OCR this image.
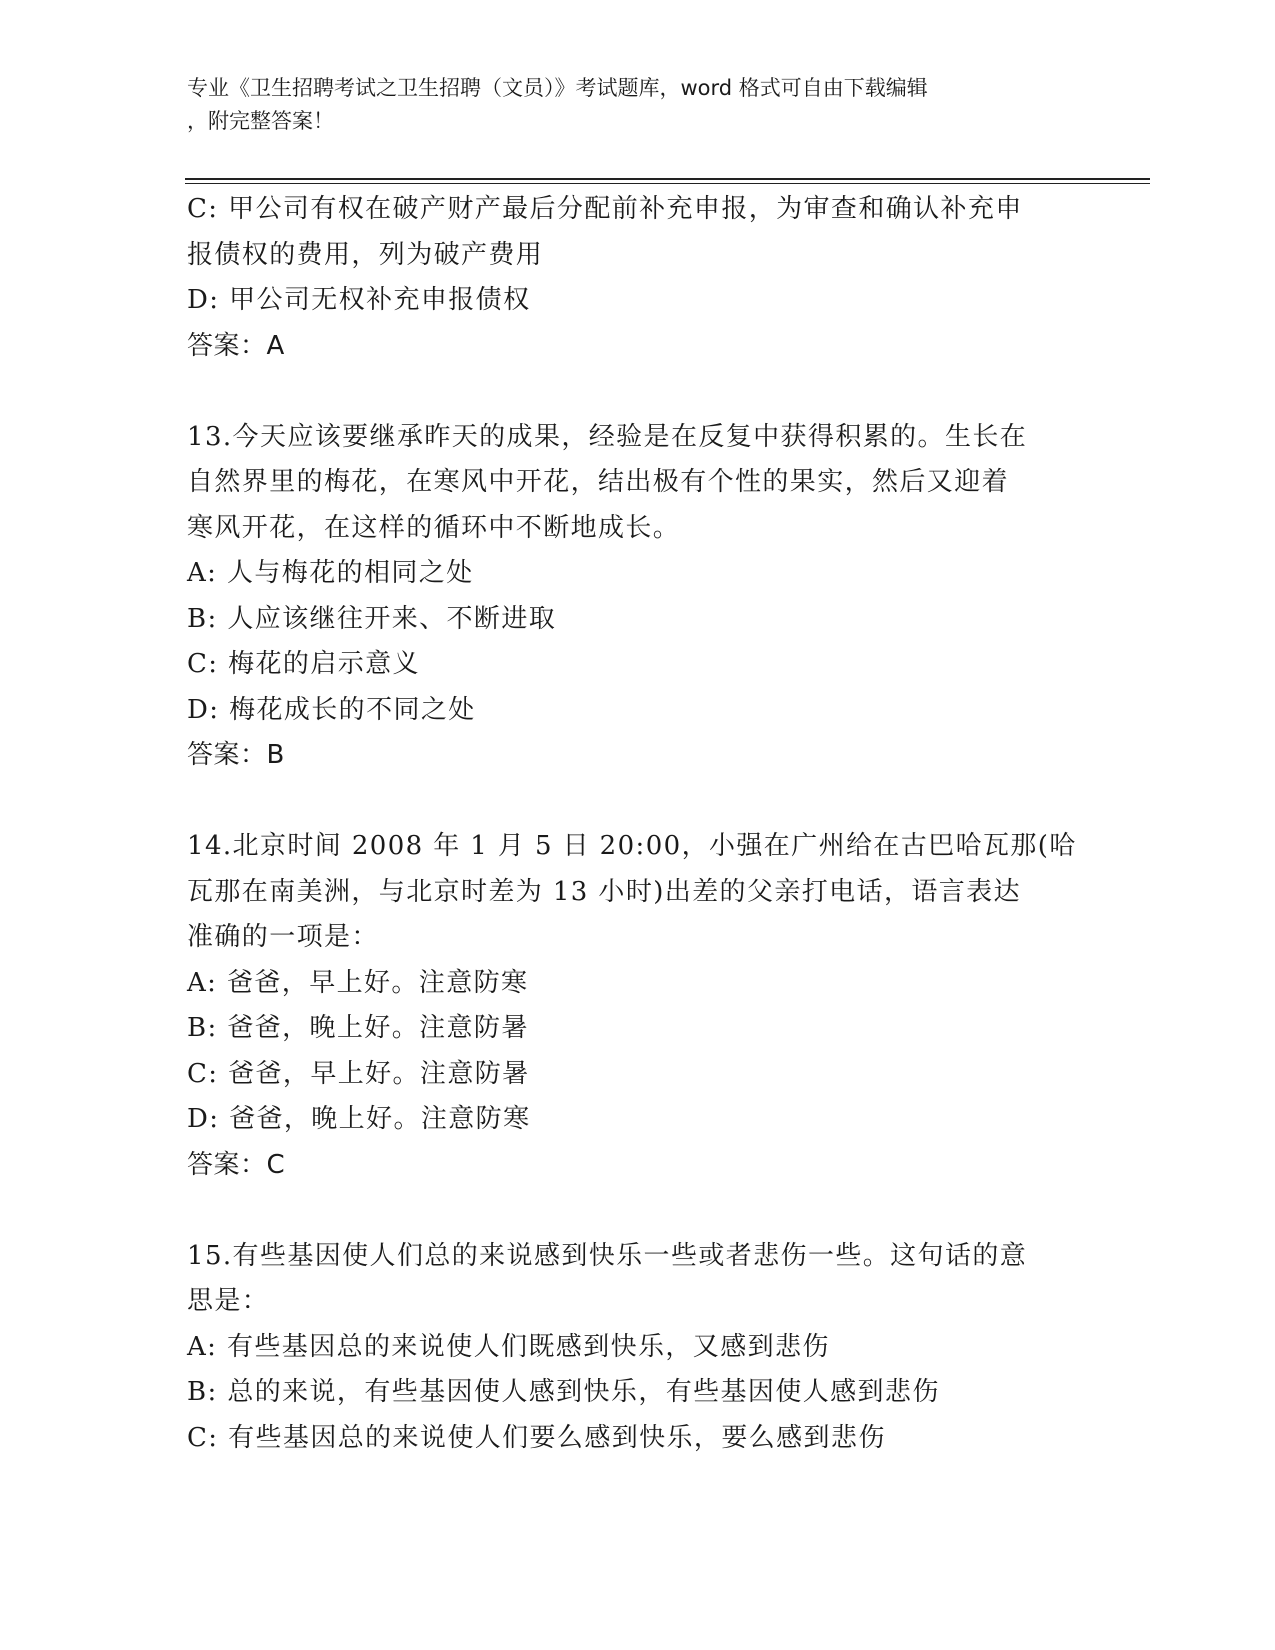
专业《卫生招聘考试之卫生招聘（文员）》考试题库，word 格式可自由下载编辑
，附完整答案！
C: 甲公司有权在破产财产最后分配前补充申报，为审查和确认补充申
报债权的费用，列为破产费用
D: 甲公司无权补充申报债权
答案：A
13.今天应该要继承昨天的成果，经验是在反复中获得积累的。生长在
自然界里的梅花，在寒风中开花，结出极有个性的果实，然后又迎着
寒风开花，在这样的循环中不断地成长。
A: 人与梅花的相同之处
B: 人应该继往开来、不断进取
C: 梅花的启示意义
D: 梅花成长的不同之处
答案：B
14.北京时间 2008 年 1 月 5 日 20:00，小强在广州给在古巴哈瓦那(哈
瓦那在南美洲，与北京时差为 13 小时)出差的父亲打电话，语言表达
准确的一项是：
A: 爸爸，早上好。注意防寒
B: 爸爸，晚上好。注意防暑
C: 爸爸，早上好。注意防暑
D: 爸爸，晚上好。注意防寒
答案：C
15.有些基因使人们总的来说感到快乐一些或者悲伤一些。这句话的意
思是：
A: 有些基因总的来说使人们既感到快乐，又感到悲伤
B: 总的来说，有些基因使人感到快乐，有些基因使人感到悲伤
C: 有些基因总的来说使人们要么感到快乐，要么感到悲伤
